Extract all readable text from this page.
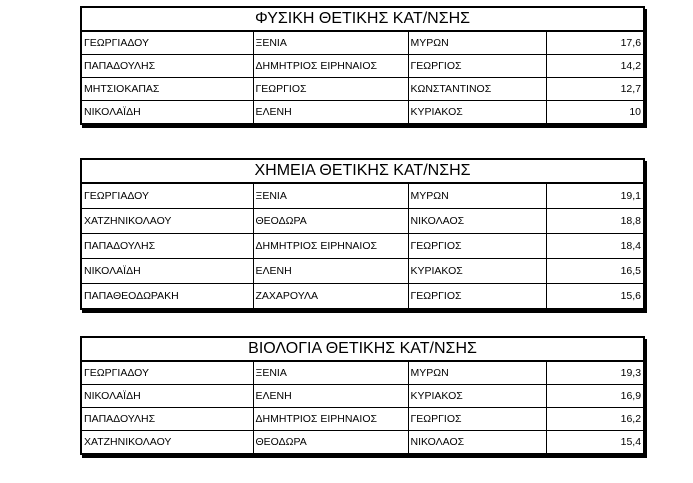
ΦΥΣΙΚΗ ΘΕΤΙΚΗΣ ΚΑΤ/ΝΣΗΣ			
ΓΕΩΡΓΙΑΔΟΥ	ΞΕΝΙΑ	ΜΥΡΩΝ	17,6
ΠΑΠΑΔΟΥΛΗΣ	ΔΗΜΗΤΡΙΟΣ ΕΙΡΗΝΑΙΟΣ	ΓΕΩΡΓΙΟΣ	14,2
ΜΗΤΣΙΟΚΑΠΑΣ	ΓΕΩΡΓΙΟΣ	ΚΩΝΣΤΑΝΤΙΝΟΣ	12,7
ΝΙΚΟΛΑΪΔΗ	ΕΛΕΝΗ	ΚΥΡΙΑΚΟΣ	10
ΧΗΜΕΙΑ ΘΕΤΙΚΗΣ ΚΑΤ/ΝΣΗΣ			
ΓΕΩΡΓΙΑΔΟΥ	ΞΕΝΙΑ	ΜΥΡΩΝ	19,1
ΧΑΤΖΗΝΙΚΟΛΑΟΥ	ΘΕΟΔΩΡΑ	ΝΙΚΟΛΑΟΣ	18,8
ΠΑΠΑΔΟΥΛΗΣ	ΔΗΜΗΤΡΙΟΣ ΕΙΡΗΝΑΙΟΣ	ΓΕΩΡΓΙΟΣ	18,4
ΝΙΚΟΛΑΪΔΗ	ΕΛΕΝΗ	ΚΥΡΙΑΚΟΣ	16,5
ΠΑΠΑΘΕΟΔΩΡΑΚΗ	ΖΑΧΑΡΟΥΛΑ	ΓΕΩΡΓΙΟΣ	15,6
ΒΙΟΛΟΓΙΑ ΘΕΤΙΚΗΣ ΚΑΤ/ΝΣΗΣ			
ΓΕΩΡΓΙΑΔΟΥ	ΞΕΝΙΑ	ΜΥΡΩΝ	19,3
ΝΙΚΟΛΑΪΔΗ	ΕΛΕΝΗ	ΚΥΡΙΑΚΟΣ	16,9
ΠΑΠΑΔΟΥΛΗΣ	ΔΗΜΗΤΡΙΟΣ ΕΙΡΗΝΑΙΟΣ	ΓΕΩΡΓΙΟΣ	16,2
ΧΑΤΖΗΝΙΚΟΛΑΟΥ	ΘΕΟΔΩΡΑ	ΝΙΚΟΛΑΟΣ	15,4
